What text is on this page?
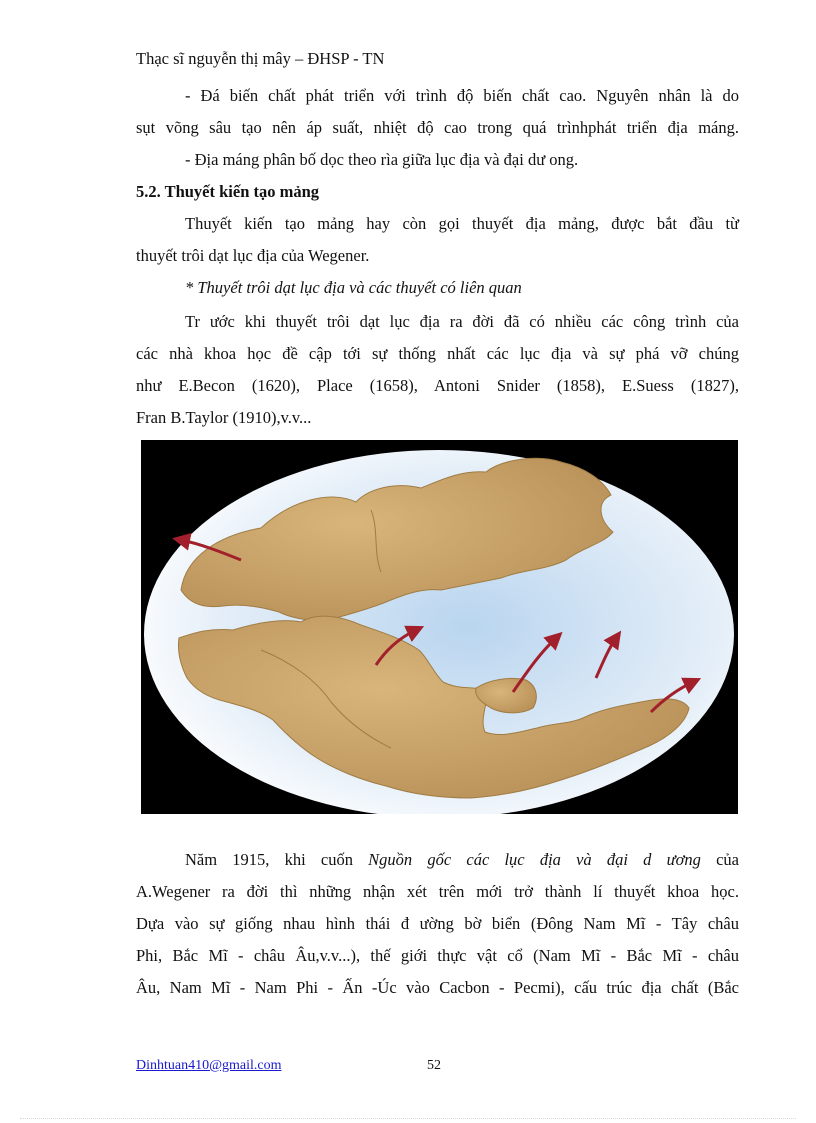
Thạc sĩ nguyễn thị mây – ĐHSP - TN
- Đá biến chất phát triển với trình độ biến chất cao. Nguyên nhân là do
sụt võng sâu tạo nên áp suất, nhiệt độ cao trong quá trìnhphát triển địa máng.
- Địa máng phân bố dọc theo rìa giữa lục địa và đại dư ong.
5.2. Thuyết kiến tạo mảng
Thuyết kiến tạo mảng hay còn gọi thuyết địa mảng, được bắt đầu từ
thuyết trôi dạt lục địa của Wegener.
* Thuyết trôi dạt lục địa và các thuyết có liên quan
Tr ước khi thuyết trôi dạt lục địa ra đời đã có nhiều các công trình của
các nhà khoa học đề cập tới sự thống nhất các lục địa và sự phá vỡ chúng
như E.Becon (1620), Place (1658), Antoni Snider (1858), E.Suess (1827),
Fran B.Taylor (1910),v.v...
Năm 1915, khi cuốn Nguồn gốc các lục địa và đại d ương của
A.Wegener ra đời thì những nhận xét trên mới trở thành lí thuyết khoa học.
Dựa vào sự giống nhau hình thái đ ường bờ biển (Đông Nam Mĩ - Tây châu
Phi, Bắc Mĩ - châu Âu,v.v...), thế giới thực vật cổ (Nam Mĩ - Bắc Mĩ - châu
Âu, Nam Mĩ - Nam Phi - Ấn -Úc vào Cacbon - Pecmi), cấu trúc địa chất (Bắc
Dinhtuan410@gmail.com	52
